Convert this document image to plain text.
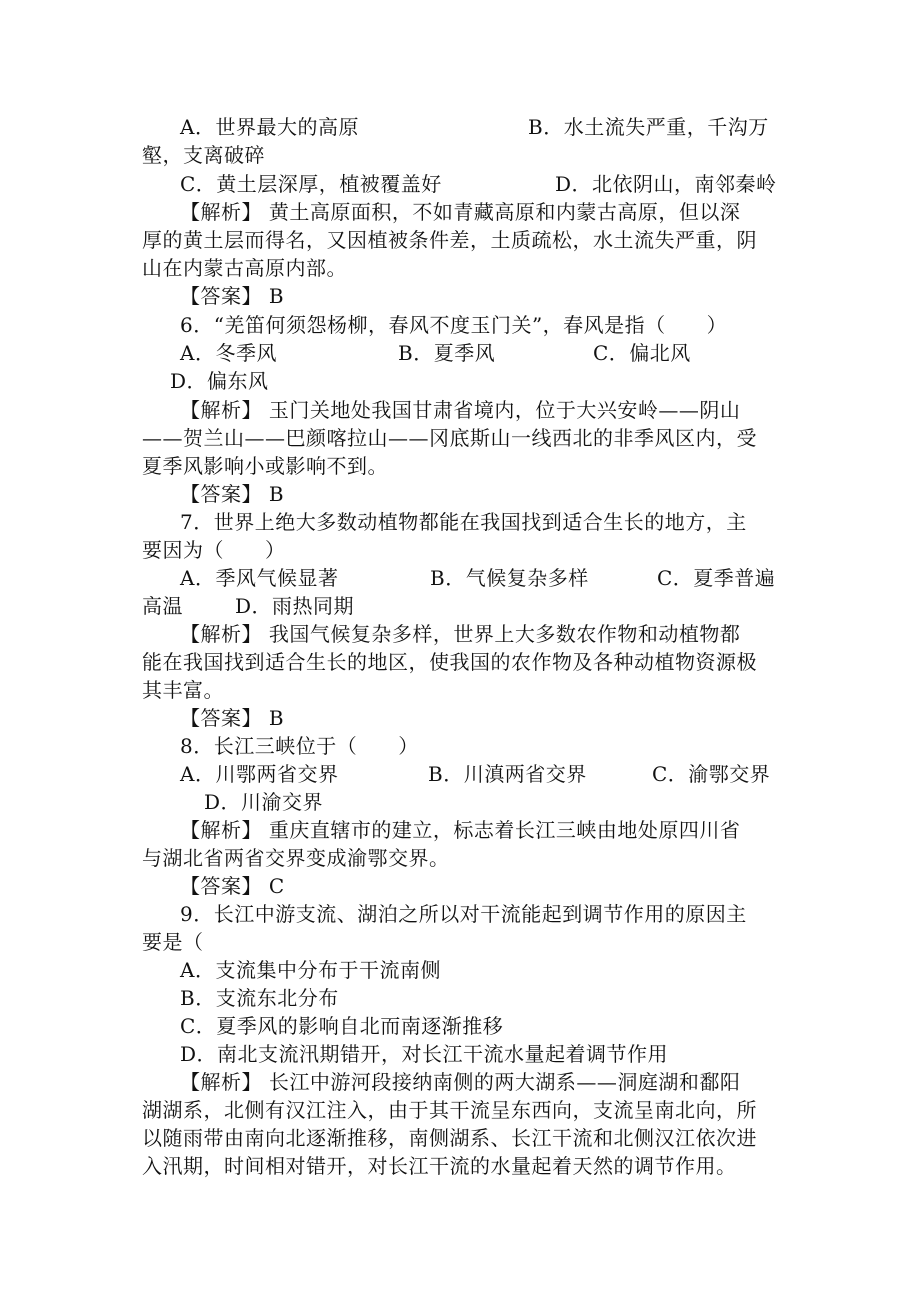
A．世界最大的高原	B．水土流失严重，千沟万
壑，支离破碎
C．黄土层深厚，植被覆盖好	D．北依阴山，南邻秦岭
【解析】 黄土高原面积，不如青藏高原和内蒙古高原，但以深
厚的黄土层而得名，又因植被条件差，土质疏松，水土流失严重，阴
山在内蒙古高原内部。
【答案】 B
6．“羌笛何须怨杨柳，春风不度玉门关”，春风是指（　　）
A．冬季风	B．夏季风	C．偏北风
D．偏东风
【解析】 玉门关地处我国甘肃省境内，位于大兴安岭——阴山
——贺兰山——巴颜喀拉山——冈底斯山一线西北的非季风区内，受
夏季风影响小或影响不到。
【答案】 B
7．世界上绝大多数动植物都能在我国找到适合生长的地方，主
要因为（　　）
A．季风气候显著	B．气候复杂多样	C．夏季普遍
高温	D．雨热同期
【解析】 我国气候复杂多样，世界上大多数农作物和动植物都
能在我国找到适合生长的地区，使我国的农作物及各种动植物资源极
其丰富。
【答案】 B
8．长江三峡位于（　　）
A．川鄂两省交界	B．川滇两省交界	C．渝鄂交界
D．川渝交界
【解析】 重庆直辖市的建立，标志着长江三峡由地处原四川省
与湖北省两省交界变成渝鄂交界。
【答案】 C
9．长江中游支流、湖泊之所以对干流能起到调节作用的原因主
要是（
A．支流集中分布于干流南侧
B．支流东北分布
C．夏季风的影响自北而南逐渐推移
D．南北支流汛期错开，对长江干流水量起着调节作用
【解析】 长江中游河段接纳南侧的两大湖系——洞庭湖和鄱阳
湖湖系，北侧有汉江注入，由于其干流呈东西向，支流呈南北向，所
以随雨带由南向北逐渐推移，南侧湖系、长江干流和北侧汉江依次进
入汛期，时间相对错开，对长江干流的水量起着天然的调节作用。
